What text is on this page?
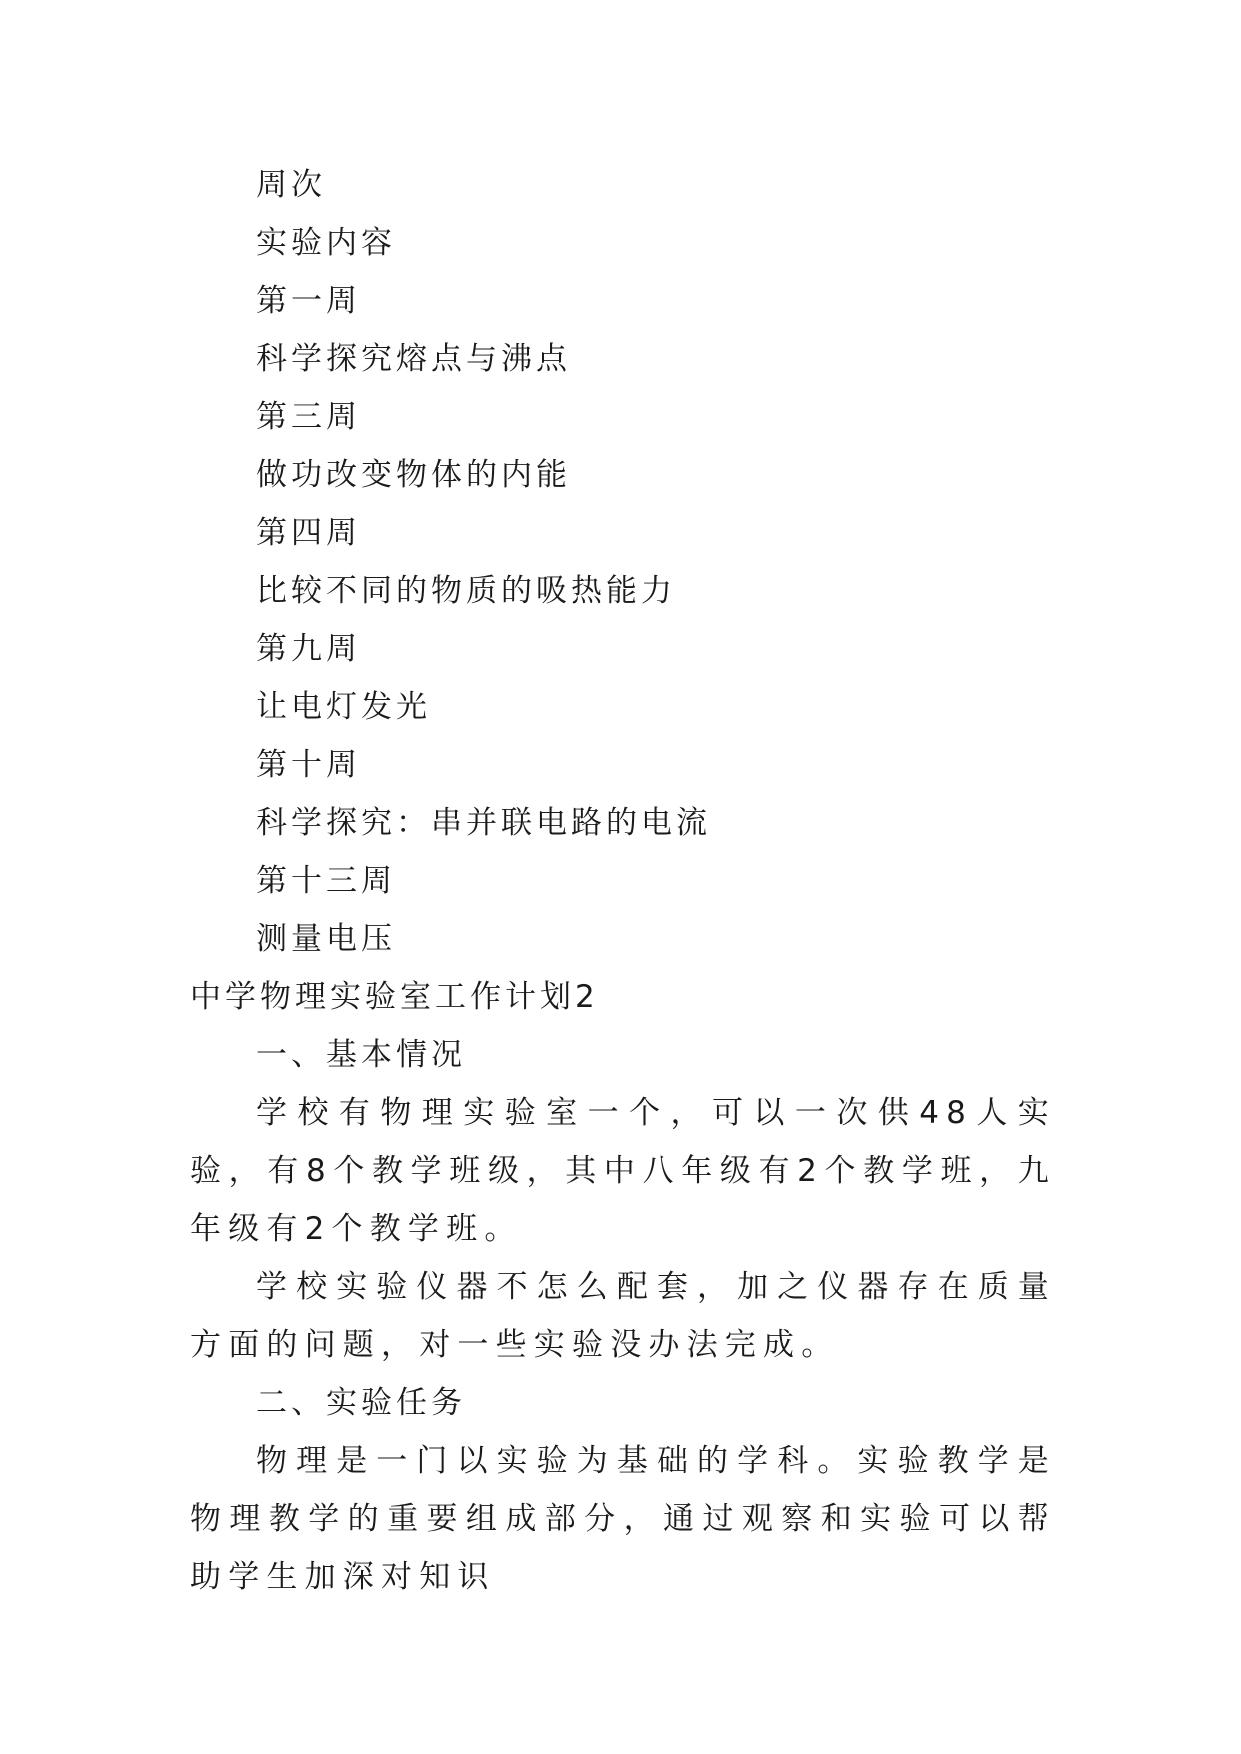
周次
实验内容
第一周
科学探究熔点与沸点
第三周
做功改变物体的内能
第四周
比较不同的物质的吸热能力
第九周
让电灯发光
第十周
科学探究：串并联电路的电流
第十三周
测量电压
中学物理实验室工作计划2
一、基本情况

学校有物理实验室一个，可以一次供48人实验，有8个教学班级，其中八年级有2个教学班，九年级有2个教学班。

学校实验仪器不怎么配套，加之仪器存在质量方面的问题，对一些实验没办法完成。

二、实验任务

物理是一门以实验为基础的学科。实验教学是物理教学的重要组成部分，通过观察和实验可以帮助学生加深对知识
